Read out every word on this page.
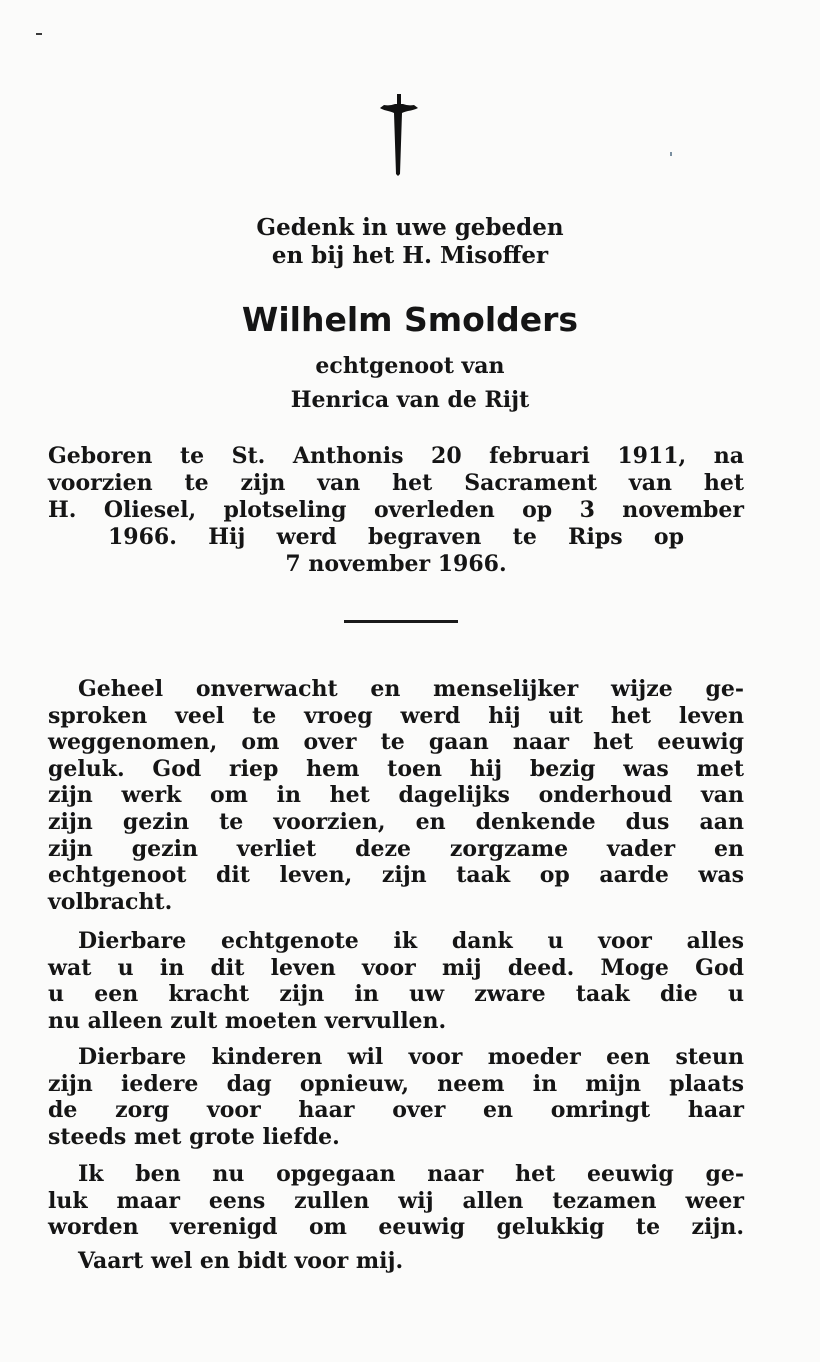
Gedenk in uwe gebeden
en bij het H. Misoffer
Wilhelm Smolders
echtgenoot van
Henrica van de Rijt
Geboren te St. Anthonis 20 februari 1911, na
voorzien te zijn van het Sacrament van het
H. Oliesel, plotseling overleden op 3 november
1966. Hij werd begraven te Rips op
7 november 1966.
Geheel onverwacht en menselijker wijze ge-
sproken veel te vroeg werd hij uit het leven
weggenomen, om over te gaan naar het eeuwig
geluk. God riep hem toen hij bezig was met
zijn werk om in het dagelijks onderhoud van
zijn gezin te voorzien, en denkende dus aan
zijn gezin verliet deze zorgzame vader en
echtgenoot dit leven, zijn taak op aarde was
volbracht.
Dierbare echtgenote ik dank u voor alles
wat u in dit leven voor mij deed. Moge God
u een kracht zijn in uw zware taak die u
nu alleen zult moeten vervullen.
Dierbare kinderen wil voor moeder een steun
zijn iedere dag opnieuw, neem in mijn plaats
de zorg voor haar over en omringt haar
steeds met grote liefde.
Ik ben nu opgegaan naar het eeuwig ge-
luk maar eens zullen wij allen tezamen weer
worden verenigd om eeuwig gelukkig te zijn.
Vaart wel en bidt voor mij.
